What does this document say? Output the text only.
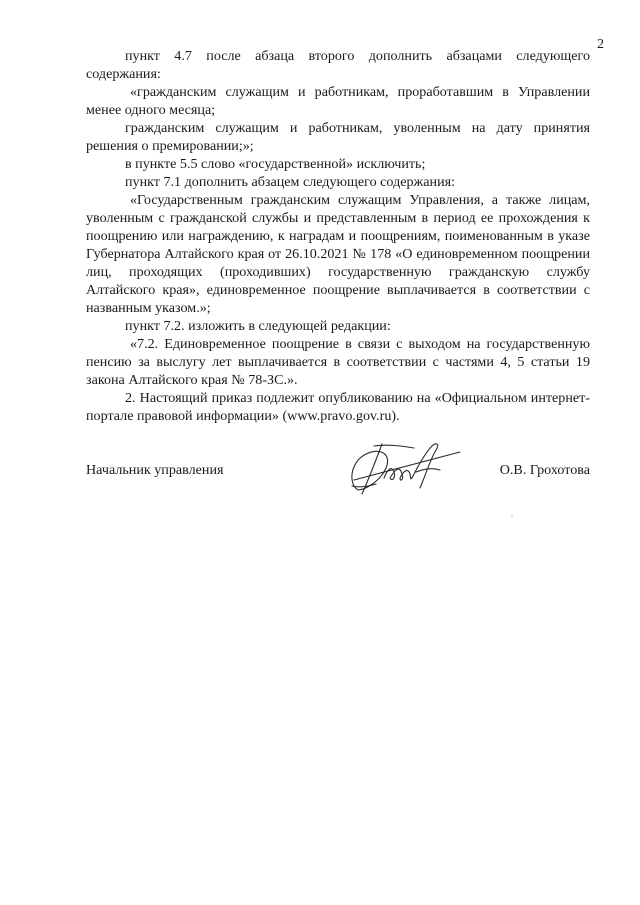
2

пункт 4.7 после абзаца второго дополнить абзацами следующего содержания:

«гражданским служащим и работникам, проработавшим в Управлении менее одного месяца;

гражданским служащим и работникам, уволенным на дату принятия решения о премировании;»;

в пункте 5.5 слово «государственной» исключить;

пункт 7.1 дополнить абзацем следующего содержания:

«Государственным гражданским служащим Управления, а также лицам, уволенным с гражданской службы и представленным в период ее прохождения к поощрению или награждению, к наградам и поощрениям, поименованным в указе Губернатора Алтайского края от 26.10.2021 № 178 «О единовременном поощрении лиц, проходящих (проходивших) государственную гражданскую службу Алтайского края», единовременное поощрение выплачивается в соответствии с названным указом.»;

пункт 7.2. изложить в следующей редакции:

«7.2. Единовременное поощрение в связи с выходом на государственную пенсию за выслугу лет выплачивается в соответствии с частями 4, 5 статьи 19 закона Алтайского края № 78-ЗС.».

2. Настоящий приказ подлежит опубликованию на «Официальном интернет-портале правовой информации» (www.pravo.gov.ru).

Начальник управления	О.В. Грохотова
